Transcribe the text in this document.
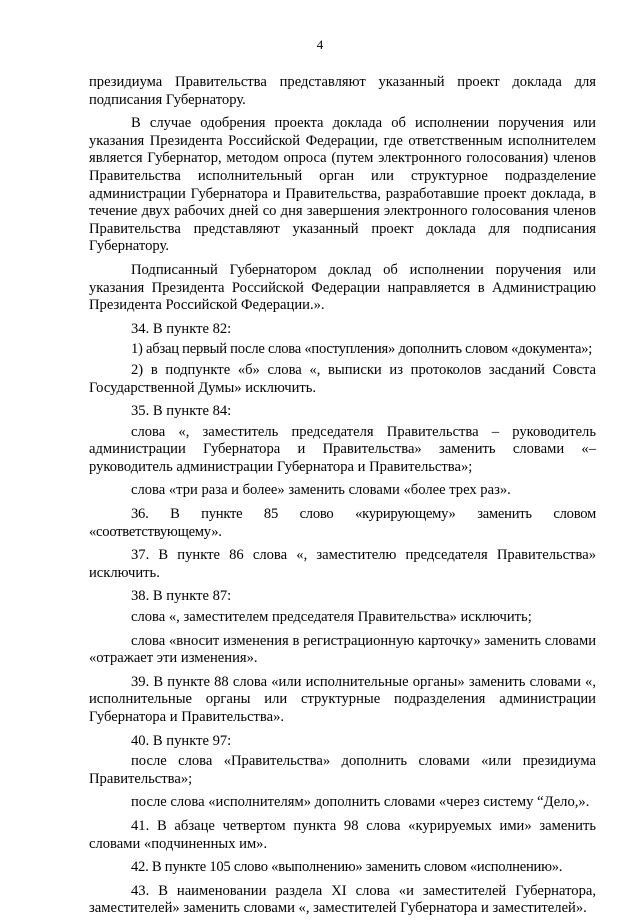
4

президиума Правительства представляют указанный проект доклада для подписания Губернатору.

В случае одобрения проекта доклада об исполнении поручения или указания Президента Российской Федерации, где ответственным исполнителем является Губернатор, методом опроса (путем электронного голосования) членов Правительства исполнительный орган или структурное подразделение администрации Губернатора и Правительства, разработавшие проект доклада, в течение двух рабочих дней со дня завершения электронного голосования членов Правительства представляют указанный проект доклада для подписания Губернатору.

Подписанный Губернатором доклад об исполнении поручения или указания Президента Российской Федерации направляется в Администрацию Президента Российской Федерации.».

34. В пункте 82:

1) абзац первый после слова «поступления» дополнить словом «документа»;

2) в подпункте «б» слова «, выписки из протоколов засданий Совста Государственной Думы» исключить.

35. В пункте 84:

слова «, заместитель председателя Правительства – руководитель администрации Губернатора и Правительства» заменить словами «– руководитель администрации Губернатора и Правительства»;

слова «три раза и более» заменить словами «более трех раз».

36. В пункте 85 слово «курирующему» заменить словом «соответствующему».

37. В пункте 86 слова «, заместителю председателя Правительства» исключить.

38. В пункте 87:

слова «, заместителем председателя Правительства» исключить;

слова «вносит изменения в регистрационную карточку» заменить словами «отражает эти изменения».

39. В пункте 88 слова «или исполнительные органы» заменить словами «, исполнительные органы или структурные подразделения администрации Губернатора и Правительства».

40. В пункте 97:

после слова «Правительства» дополнить словами «или президиума Правительства»;

после слова «исполнителям» дополнить словами «через систему “Дело,».

41. В абзаце четвертом пункта 98 слова «курируемых ими» заменить словами «подчиненных им».

42. В пункте 105 слово «выполнению» заменить словом «исполнению».

43. В наименовании раздела XI слова «и заместителей Губернатора, заместителей» заменить словами «, заместителей Губернатора и заместителей».
